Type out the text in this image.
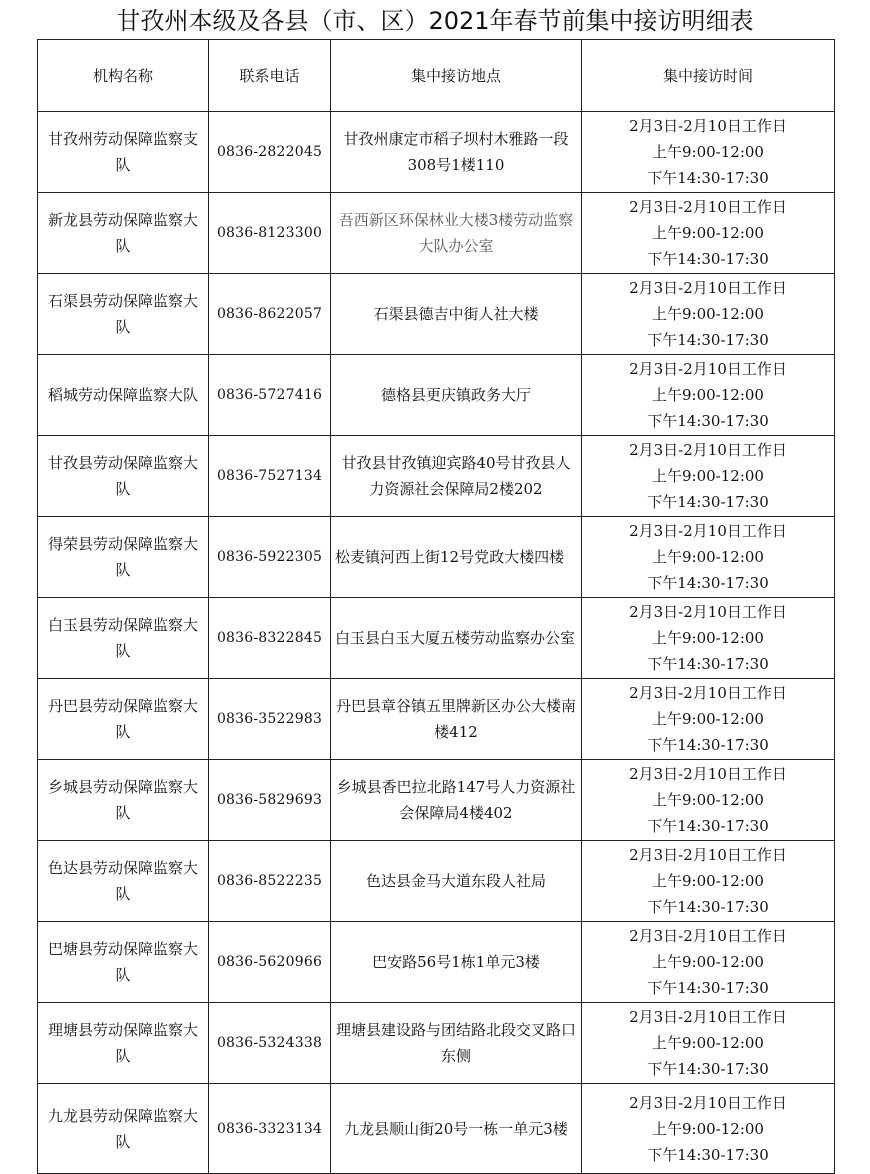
甘孜州本级及各县（市、区）2021年春节前集中接访明细表
机构名称	联系电话	集中接访地点	集中接访时间
甘孜州劳动保障监察支队	0836-2822045	甘孜州康定市稻子坝村木雅路一段308号1楼110	2月3日-2月10日工作日
上午9:00-12:00
下午14:30-17:30

新龙县劳动保障监察大队	0836-8123300	吾西新区环保林业大楼3楼劳动监察大队办公室	2月3日-2月10日工作日
上午9:00-12:00
下午14:30-17:30

石渠县劳动保障监察大队	0836-8622057	石渠县德吉中街人社大楼	2月3日-2月10日工作日
上午9:00-12:00
下午14:30-17:30

稻城劳动保障监察大队	0836-5727416	德格县更庆镇政务大厅	2月3日-2月10日工作日
上午9:00-12:00
下午14:30-17:30

甘孜县劳动保障监察大队	0836-7527134	甘孜县甘孜镇迎宾路40号甘孜县人力资源社会保障局2楼202	2月3日-2月10日工作日
上午9:00-12:00
下午14:30-17:30

得荣县劳动保障监察大队	0836-5922305	松麦镇河西上街12号党政大楼四楼	2月3日-2月10日工作日
上午9:00-12:00
下午14:30-17:30

白玉县劳动保障监察大队	0836-8322845	白玉县白玉大厦五楼劳动监察办公室	2月3日-2月10日工作日
上午9:00-12:00
下午14:30-17:30

丹巴县劳动保障监察大队	0836-3522983	丹巴县章谷镇五里牌新区办公大楼南楼412	2月3日-2月10日工作日
上午9:00-12:00
下午14:30-17:30

乡城县劳动保障监察大队	0836-5829693	乡城县香巴拉北路147号人力资源社会保障局4楼402	2月3日-2月10日工作日
上午9:00-12:00
下午14:30-17:30

色达县劳动保障监察大队	0836-8522235	色达县金马大道东段人社局	2月3日-2月10日工作日
上午9:00-12:00
下午14:30-17:30

巴塘县劳动保障监察大队	0836-5620966	巴安路56号1栋1单元3楼	2月3日-2月10日工作日
上午9:00-12:00
下午14:30-17:30

理塘县劳动保障监察大队	0836-5324338	理塘县建设路与团结路北段交叉路口东侧	2月3日-2月10日工作日
上午9:00-12:00
下午14:30-17:30

九龙县劳动保障监察大队	0836-3323134	九龙县顺山街20号一栋一单元3楼	2月3日-2月10日工作日
上午9:00-12:00
下午14:30-17:30
